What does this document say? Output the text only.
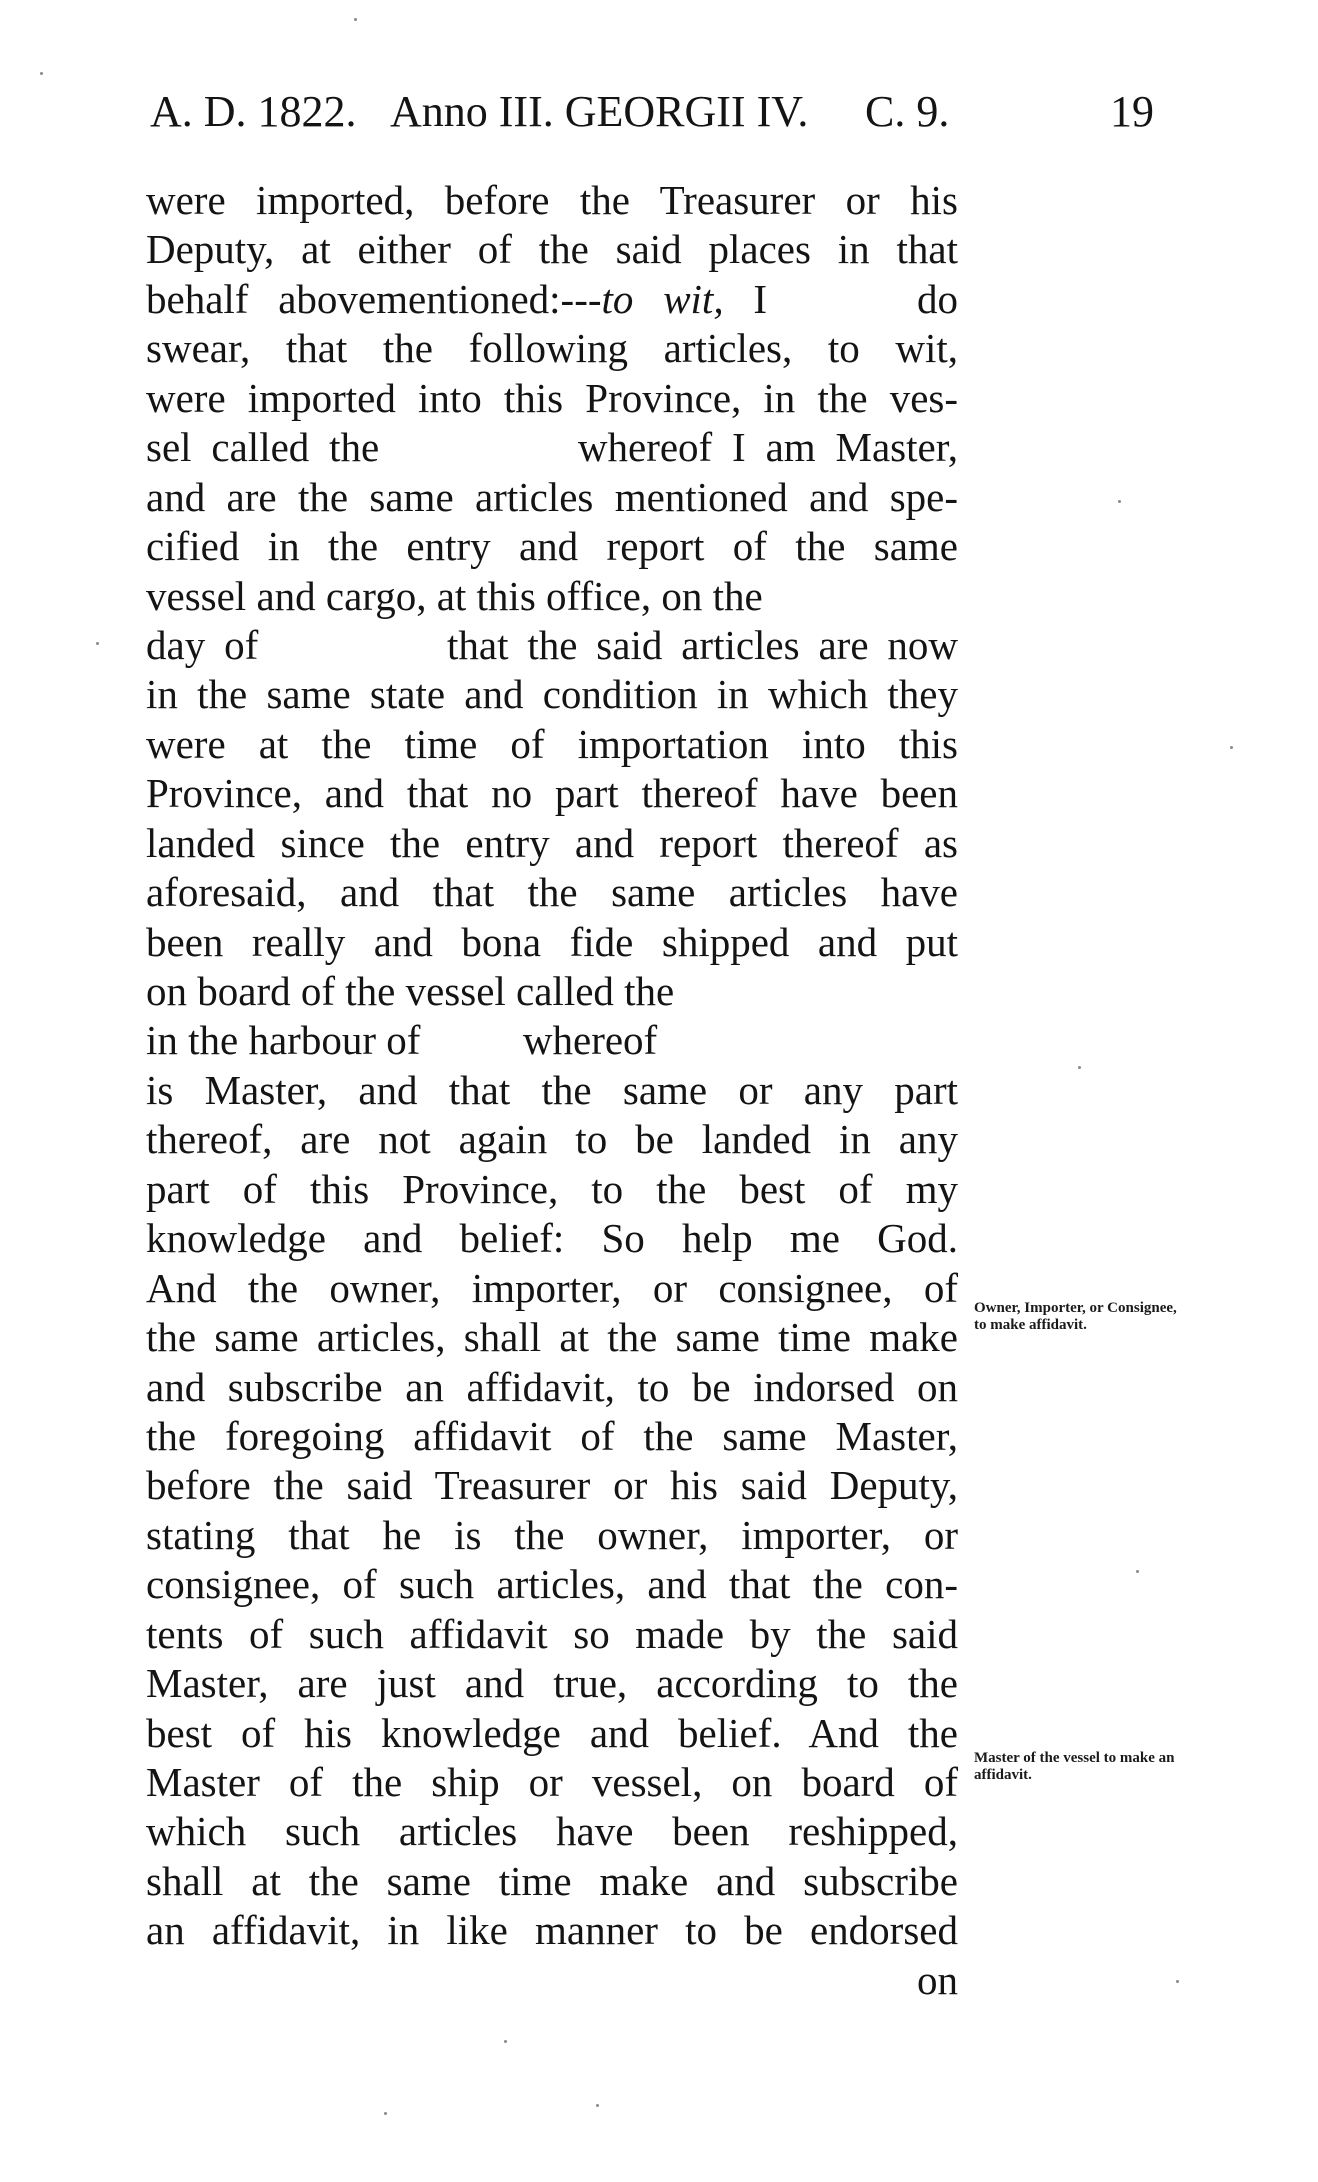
A. D. 1822. Anno III. GEORGII IV. C. 9.	19
were imported, before the Treasurer or his
Deputy, at either of the said places in that
behalf abovementioned:---to wit, I	do
swear, that the following articles, to wit,
were imported into this Province, in the ves-
sel called the          whereof I am Master,
and are the same articles mentioned and spe-
cified in the entry and report of the same
vessel and cargo, at this office, on the
day of          that the said articles are now
in the same state and condition in which they
were at the time of importation into this
Province, and that no part thereof have been
landed since the entry and report thereof as
aforesaid, and that the same articles have
been really and bona fide shipped and put
on board of the vessel called the
in the harbour of          whereof
is Master, and that the same or any part
thereof, are not again to be landed in any
part of this Province, to the best of my
knowledge and belief: So help me God.
And the owner, importer, or consignee, of
the same articles, shall at the same time make
and subscribe an affidavit, to be indorsed on
the foregoing affidavit of the same Master,
before the said Treasurer or his said Deputy,
stating that he is the owner, importer, or
consignee, of such articles, and that the con-
tents of such affidavit so made by the said
Master, are just and true, according to the
best of his knowledge and belief. And the
Master of the ship or vessel, on board of
which such articles have been reshipped,
shall at the same time make and subscribe
an affidavit, in like manner to be endorsed
on
Owner, Importer, or Consignee, to make affidavit.
Master of the vessel to make an affidavit.
